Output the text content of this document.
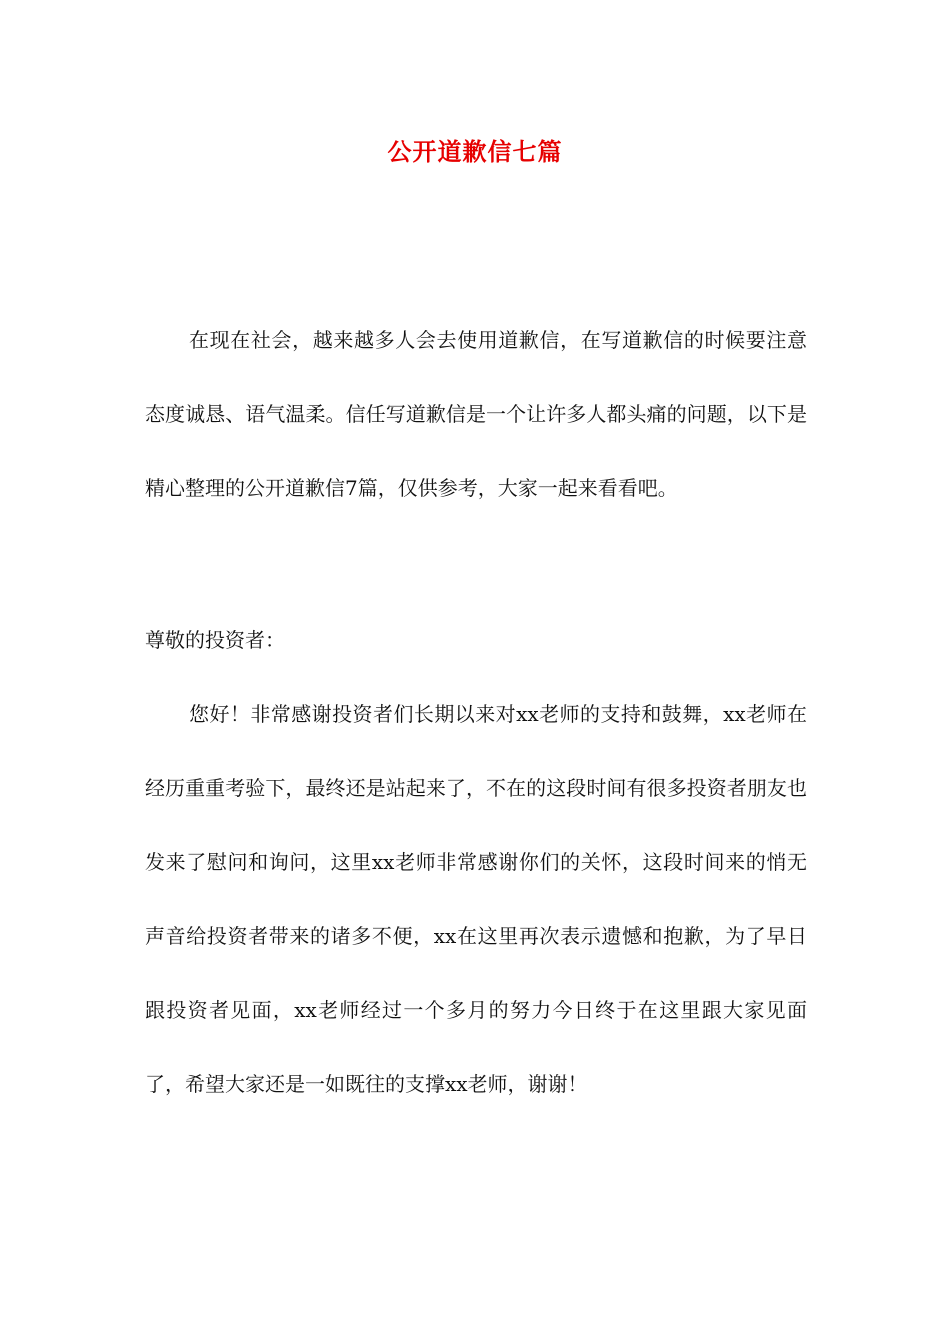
公开道歉信七篇

在现在社会，越来越多人会去使用道歉信，在写道歉信的时候要注意态度诚恳、语气温柔。信任写道歉信是一个让许多人都头痛的问题，以下是精心整理的公开道歉信7篇，仅供参考，大家一起来看看吧。

尊敬的投资者：

您好！非常感谢投资者们长期以来对xx老师的支持和鼓舞，xx老师在经历重重考验下，最终还是站起来了，不在的这段时间有很多投资者朋友也发来了慰问和询问，这里xx老师非常感谢你们的关怀，这段时间来的悄无声音给投资者带来的诸多不便，xx在这里再次表示遗憾和抱歉，为了早日跟投资者见面，xx老师经过一个多月的努力今日终于在这里跟大家见面了，希望大家还是一如既往的支撑xx老师，谢谢！
